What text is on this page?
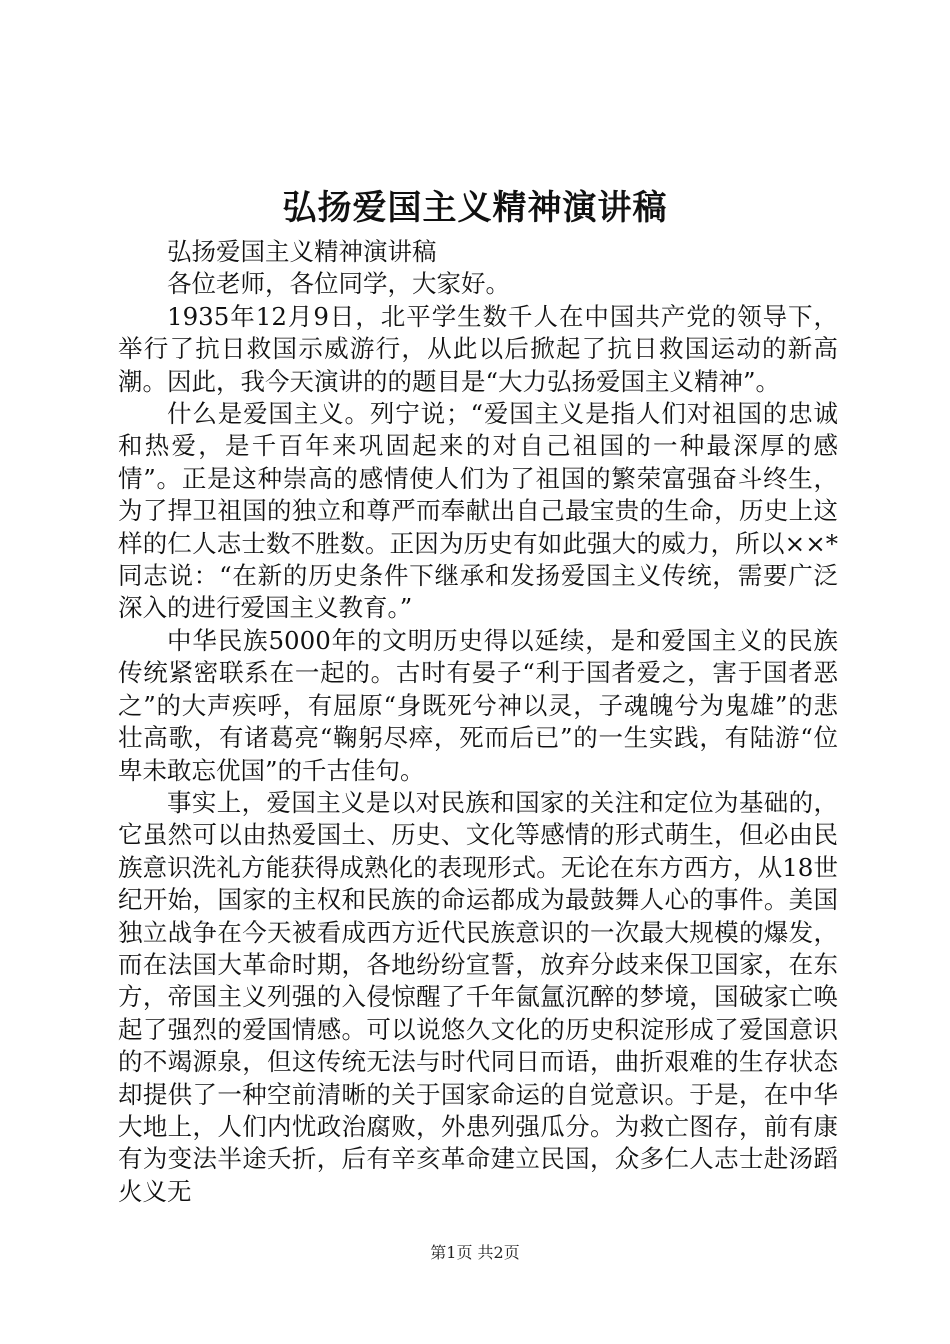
弘扬爱国主义精神演讲稿

弘扬爱国主义精神演讲稿

各位老师，各位同学，大家好。

1935年12月9日，北平学生数千人在中国共产党的领导下，举行了抗日救国示威游行，从此以后掀起了抗日救国运动的新高潮。因此，我今天演讲的的题目是“大力弘扬爱国主义精神”。

什么是爱国主义。列宁说；“爱国主义是指人们对祖国的忠诚和热爱，是千百年来巩固起来的对自己祖国的一种最深厚的感情”。正是这种崇高的感情使人们为了祖国的繁荣富强奋斗终生，为了捍卫祖国的独立和尊严而奉献出自己最宝贵的生命，历史上这样的仁人志士数不胜数。正因为历史有如此强大的威力，所以××*同志说：“在新的历史条件下继承和发扬爱国主义传统，需要广泛深入的进行爱国主义教育。”

中华民族5000年的文明历史得以延续，是和爱国主义的民族传统紧密联系在一起的。古时有晏子“利于国者爱之，害于国者恶之”的大声疾呼，有屈原“身既死兮神以灵，子魂魄兮为鬼雄”的悲壮高歌，有诸葛亮“鞠躬尽瘁，死而后已”的一生实践，有陆游“位卑未敢忘优国”的千古佳句。

事实上，爱国主义是以对民族和国家的关注和定位为基础的，它虽然可以由热爱国土、历史、文化等感情的形式萌生，但必由民族意识洗礼方能获得成熟化的表现形式。无论在东方西方，从18世纪开始，国家的主权和民族的命运都成为最鼓舞人心的事件。美国独立战争在今天被看成西方近代民族意识的一次最大规模的爆发，而在法国大革命时期，各地纷纷宣誓，放弃分歧来保卫国家，在东方，帝国主义列强的入侵惊醒了千年氤氲沉醉的梦境，国破家亡唤起了强烈的爱国情感。可以说悠久文化的历史积淀形成了爱国意识的不竭源泉，但这传统无法与时代同日而语，曲折艰难的生存状态却提供了一种空前清晰的关于国家命运的自觉意识。于是，在中华大地上，人们内忧政治腐败，外患列强瓜分。为救亡图存，前有康有为变法半途夭折，后有辛亥革命建立民国，众多仁人志士赴汤蹈火义无

第1页 共2页
